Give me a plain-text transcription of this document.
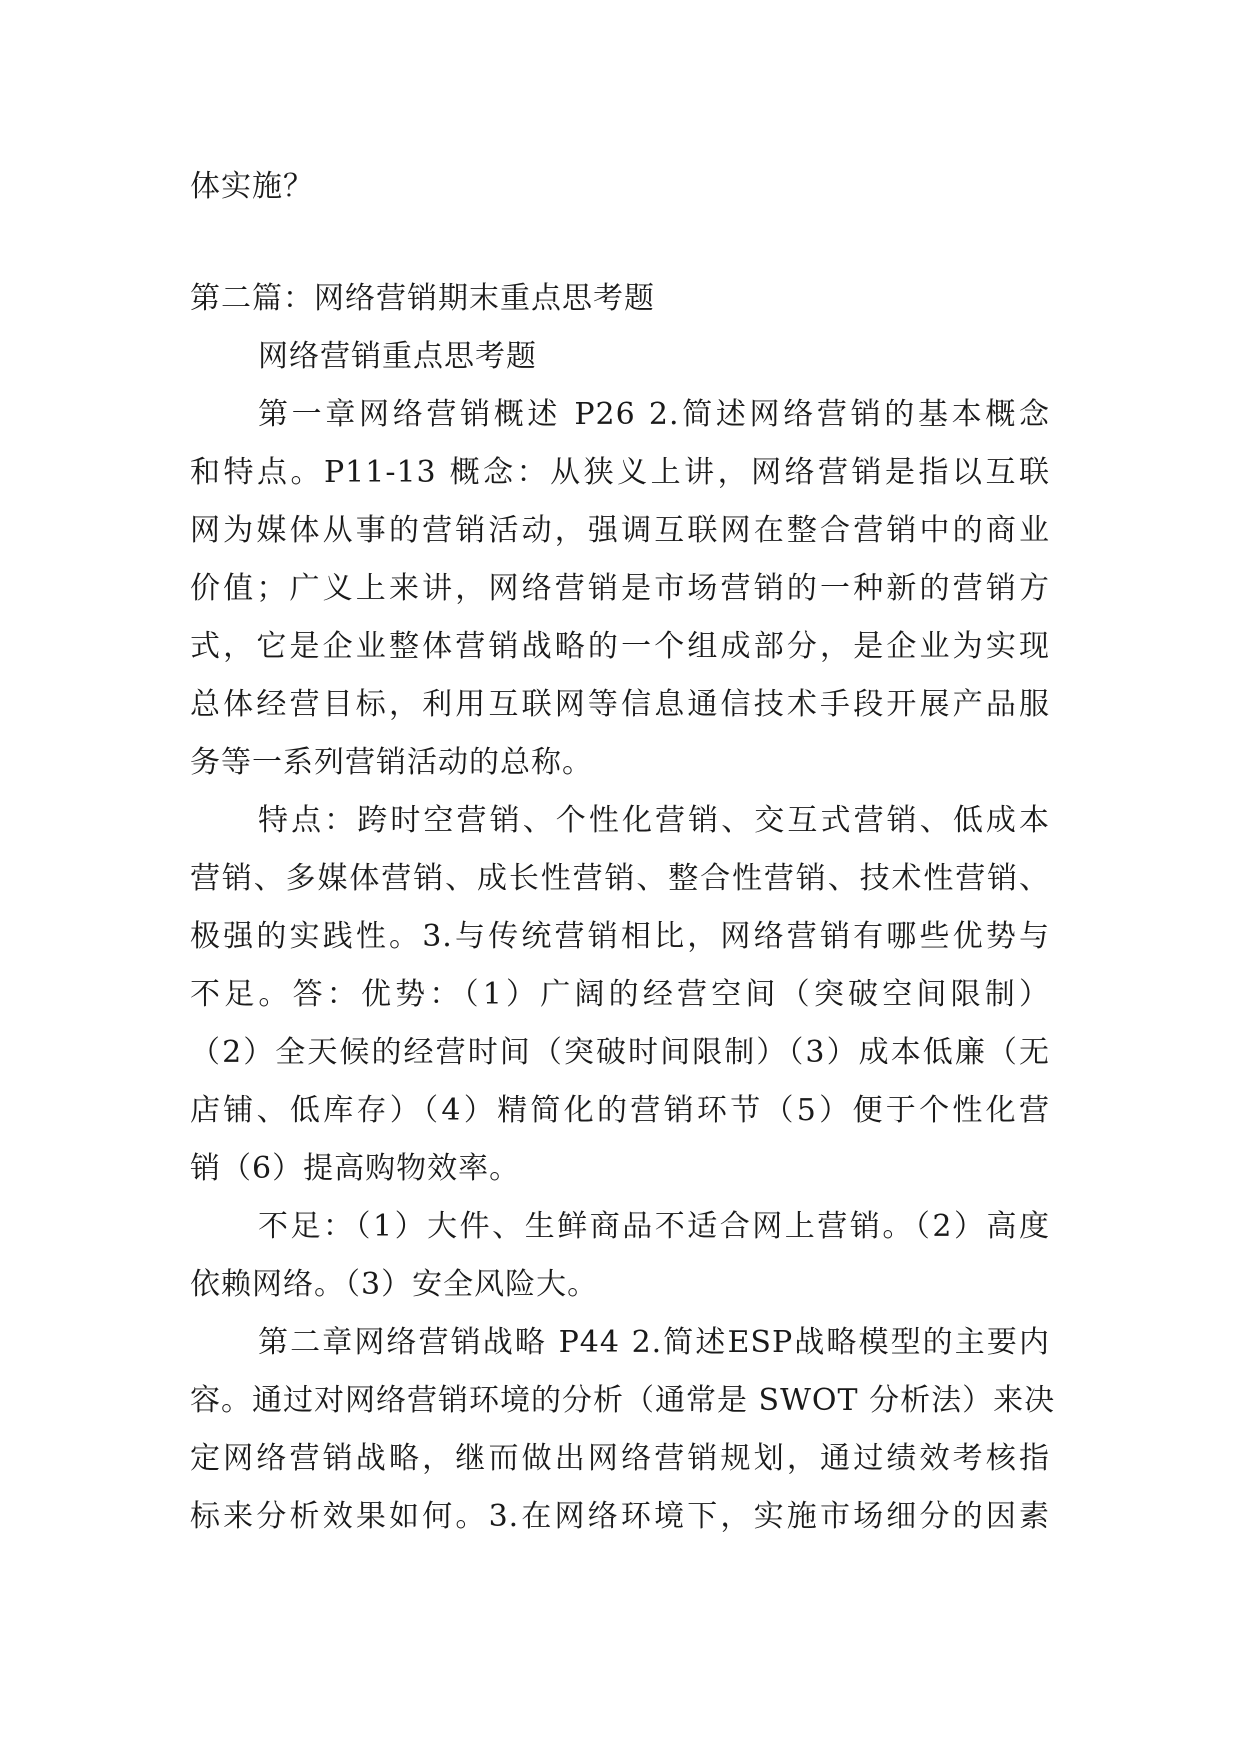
体实施？
第二篇：网络营销期末重点思考题
网络营销重点思考题
第一章网络营销概述 P26 2.简述网络营销的基本概念
和特点。P11-13 概念：从狭义上讲，网络营销是指以互联
网为媒体从事的营销活动，强调互联网在整合营销中的商业
价值；广义上来讲，网络营销是市场营销的一种新的营销方
式，它是企业整体营销战略的一个组成部分，是企业为实现
总体经营目标，利用互联网等信息通信技术手段开展产品服
务等一系列营销活动的总称。
特点：跨时空营销、个性化营销、交互式营销、低成本
营销、多媒体营销、成长性营销、整合性营销、技术性营销、
极强的实践性。3.与传统营销相比，网络营销有哪些优势与
不足。答：优势：（1）广阔的经营空间（突破空间限制）
（2）全天候的经营时间（突破时间限制）（3）成本低廉（无
店铺、低库存）（4）精简化的营销环节（5）便于个性化营
销（6）提高购物效率。
不足：（1）大件、生鲜商品不适合网上营销。（2）高度
依赖网络。（3）安全风险大。
第二章网络营销战略 P44 2.简述ESP战略模型的主要内
容。通过对网络营销环境的分析（通常是 SWOT 分析法）来决
定网络营销战略，继而做出网络营销规划，通过绩效考核指
标来分析效果如何。3.在网络环境下，实施市场细分的因素
